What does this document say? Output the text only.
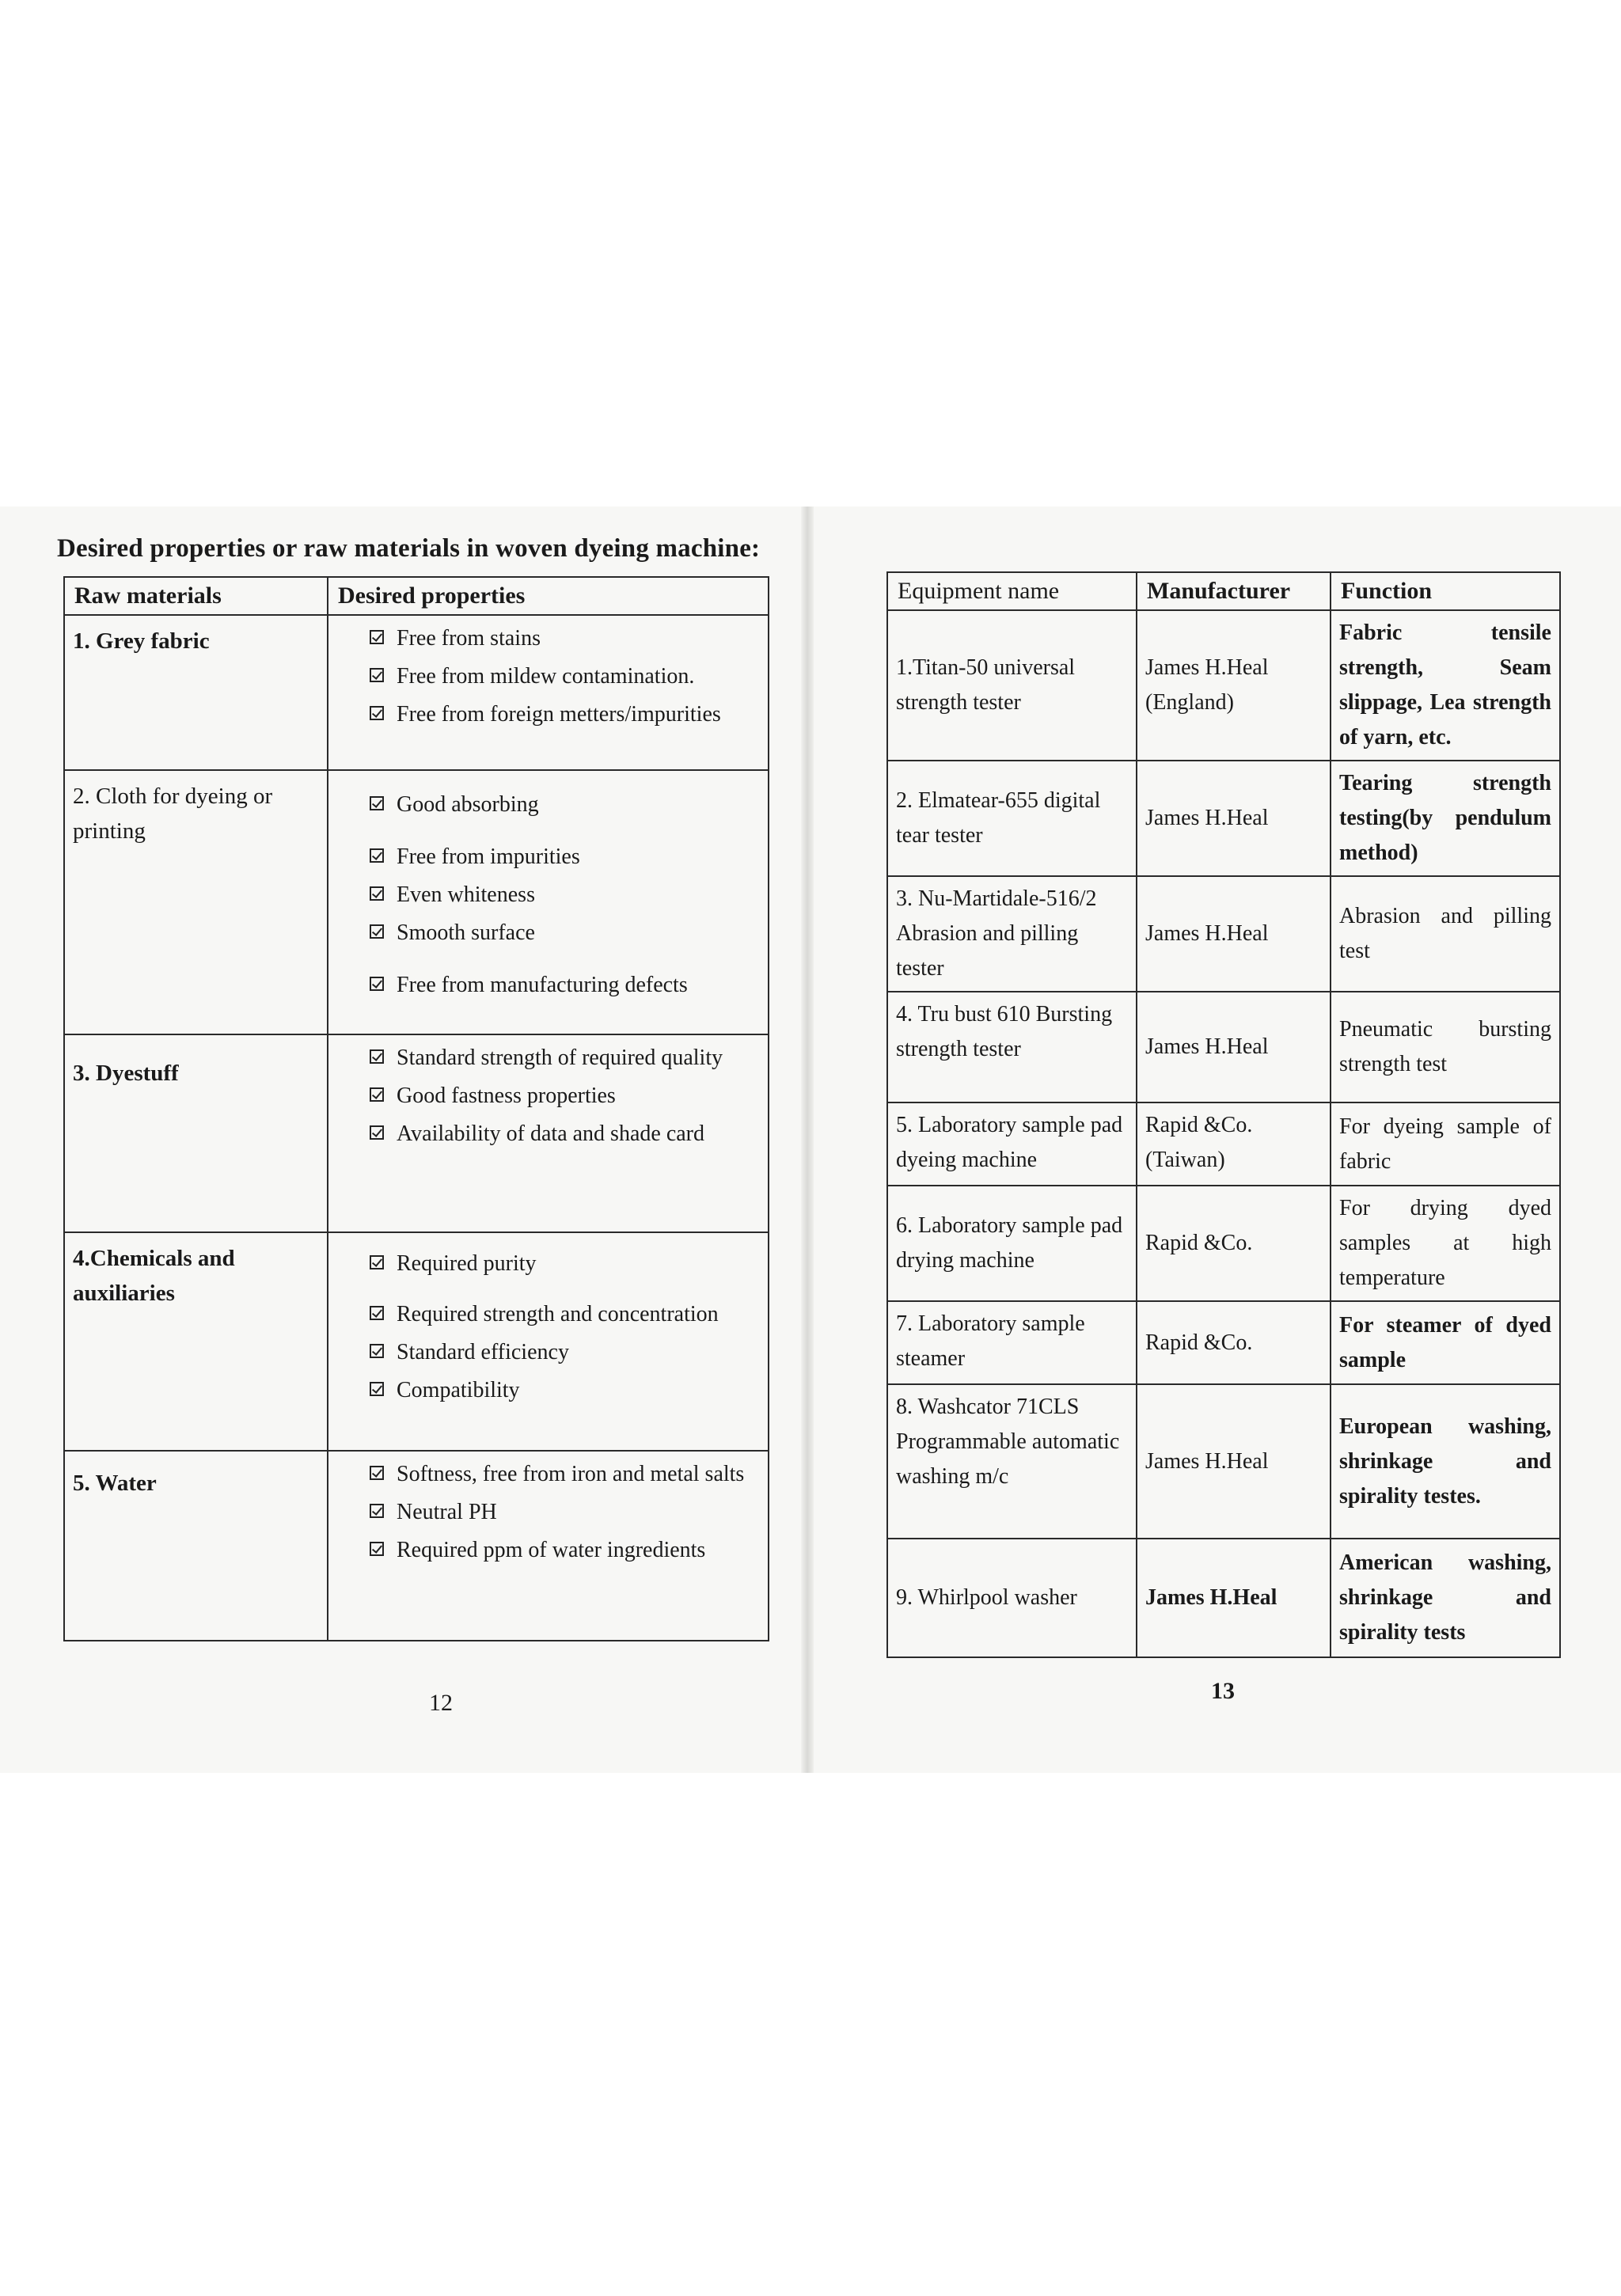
Desired properties or raw materials in woven dyeing machine:
Raw materials	Desired properties
1. Grey fabric	Free from stains
Free from mildew contamination.
Free from foreign metters/impurities

2. Cloth for dyeing or printing	Good absorbing
Free from impurities
Even whiteness
Smooth surface
Free from manufacturing defects

3. Dyestuff	Standard strength of required quality
Good fastness properties
Availability of data and shade card

4.Chemicals and auxiliaries	Required purity
Required strength and concentration
Standard efficiency
Compatibility

5. Water	Softness, free from iron and metal salts
Neutral PH
Required ppm of water ingredients
12
Equipment name	Manufacturer	Function
1.Titan-50 universal strength tester	James H.Heal (England)	Fabric tensile strength, Seam slippage, Lea strength of yarn, etc.
2. Elmatear-655 digital tear tester	James H.Heal	Tearing strength testing(by pendulum method)
3. Nu-Martidale-516/2 Abrasion and pilling tester	James H.Heal	Abrasion and pilling test
4. Tru bust 610 Bursting strength tester	James H.Heal	Pneumatic bursting strength test
5. Laboratory sample pad dyeing machine	Rapid &Co. (Taiwan)	For dyeing sample of fabric
6. Laboratory sample pad drying machine	Rapid &Co.	For drying dyed samples at high temperature
7. Laboratory sample steamer	Rapid &Co.	For steamer of dyed sample
8. Washcator 71CLS Programmable automatic washing m/c	James H.Heal	European washing, shrinkage and spirality testes.
9. Whirlpool washer	James H.Heal	American washing, shrinkage and spirality tests
13
